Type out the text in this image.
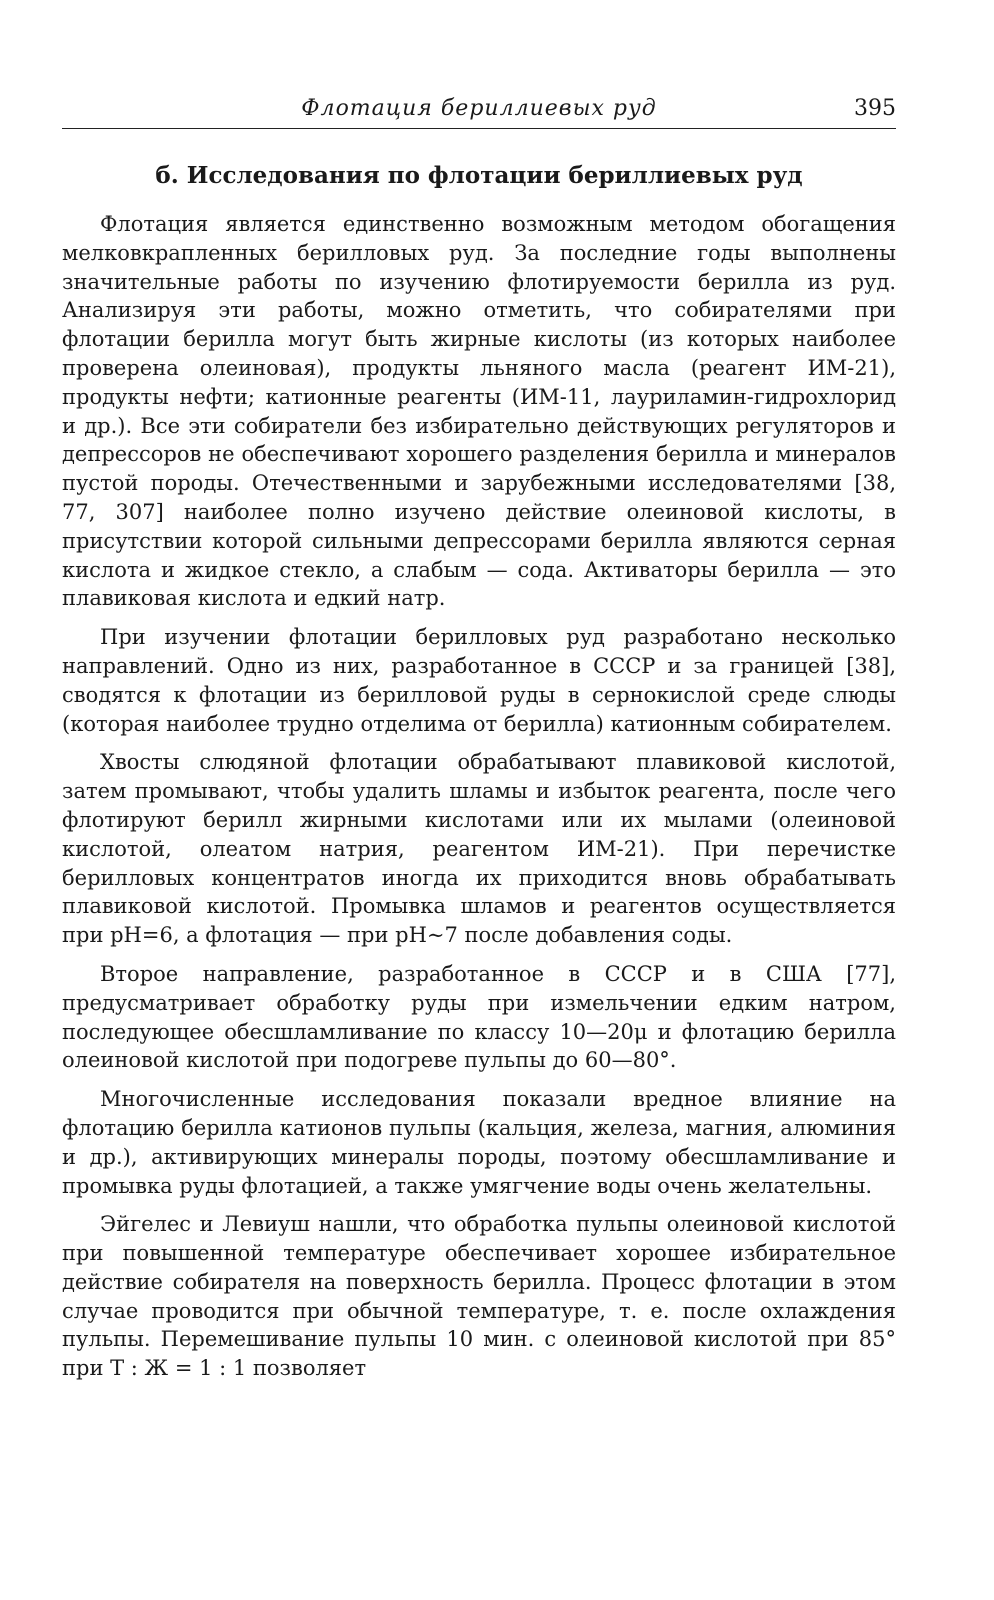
Флотация бериллиевых руд	395
б. Исследования по флотации бериллиевых руд

Флотация является единственно возможным методом обогащения мелковкрапленных берилловых руд. За последние годы выполнены значительные работы по изучению флотируемости берилла из руд. Анализируя эти работы, можно отметить, что собирателями при флотации берилла могут быть жирные кислоты (из которых наиболее проверена олеиновая), продукты льняного масла (реагент ИМ-21), продукты нефти; катионные реагенты (ИМ-11, лауриламин-гидрохлорид и др.). Все эти собиратели без избирательно действующих регуляторов и депрессоров не обеспечивают хорошего разделения берилла и минералов пустой породы. Отечественными и зарубежными исследователями [38, 77, 307] наиболее полно изучено действие олеиновой кислоты, в присутствии которой сильными депрессорами берилла являются серная кислота и жидкое стекло, а слабым — сода. Активаторы берилла — это плавиковая кислота и едкий натр.

При изучении флотации берилловых руд разработано несколько направлений. Одно из них, разработанное в СССР и за границей [38], сводятся к флотации из берилловой руды в сернокислой среде слюды (которая наиболее трудно отделима от берилла) катионным собирателем.

Хвосты слюдяной флотации обрабатывают плавиковой кислотой, затем промывают, чтобы удалить шламы и избыток реагента, после чего флотируют берилл жирными кислотами или их мылами (олеиновой кислотой, олеатом натрия, реагентом ИМ-21). При перечистке берилловых концентратов иногда их приходится вновь обрабатывать плавиковой кислотой. Промывка шламов и реагентов осуществляется при pH=6, а флотация — при pH∼7 после добавления соды.

Второе направление, разработанное в СССР и в США [77], предусматривает обработку руды при измельчении едким натром, последующее обесшламливание по классу 10—20μ и флотацию берилла олеиновой кислотой при подогреве пульпы до 60—80°.

Многочисленные исследования показали вредное влияние на флотацию берилла катионов пульпы (кальция, железа, магния, алюминия и др.), активирующих минералы породы, поэтому обесшламливание и промывка руды флотацией, а также умягчение воды очень желательны.

Эйгелес и Левиуш нашли, что обработка пульпы олеиновой кислотой при повышенной температуре обеспечивает хорошее избирательное действие собирателя на поверхность берилла. Процесс флотации в этом случае проводится при обычной температуре, т. е. после охлаждения пульпы. Перемешивание пульпы 10 мин. с олеиновой кислотой при 85° при Т : Ж = 1 : 1 позволяет
